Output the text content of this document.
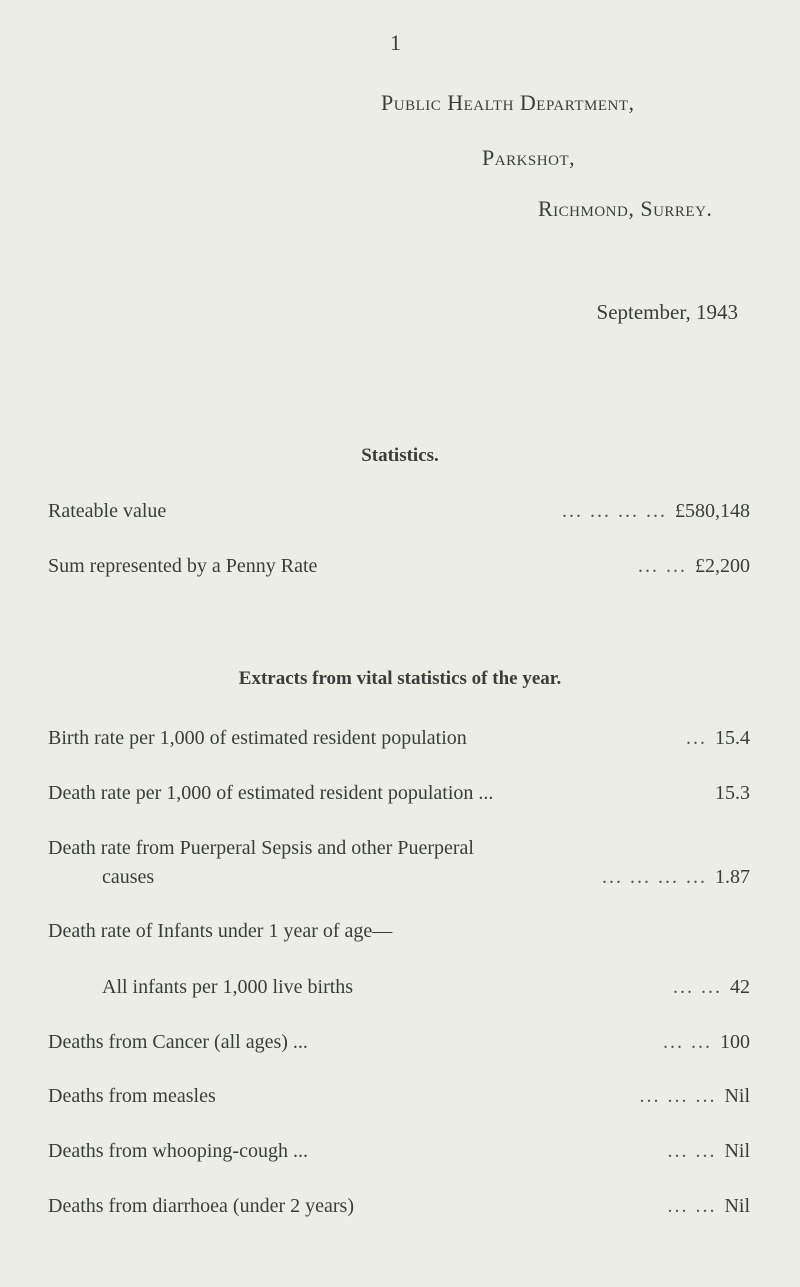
1
Public Health Department,
Parkshot,
Richmond, Surrey.
September, 1943
Statistics.
Rateable value	... ... ... ... £580,148
Sum represented by a Penny Rate	... ... £2,200
Extracts from vital statistics of the year.
Birth rate per 1,000 of estimated resident population	... 15.4
Death rate per 1,000 of estimated resident population ...	15.3
Death rate from Puerperal Sepsis and other Puerperal
causes	... ... ... ... 1.87
Death rate of Infants under 1 year of age—
All infants per 1,000 live births	... ... 42
Deaths from Cancer (all ages) ...	... ... 100
Deaths from measles	... ... ... Nil
Deaths from whooping-cough ...	... ... Nil
Deaths from diarrhoea (under 2 years)	... ... Nil
